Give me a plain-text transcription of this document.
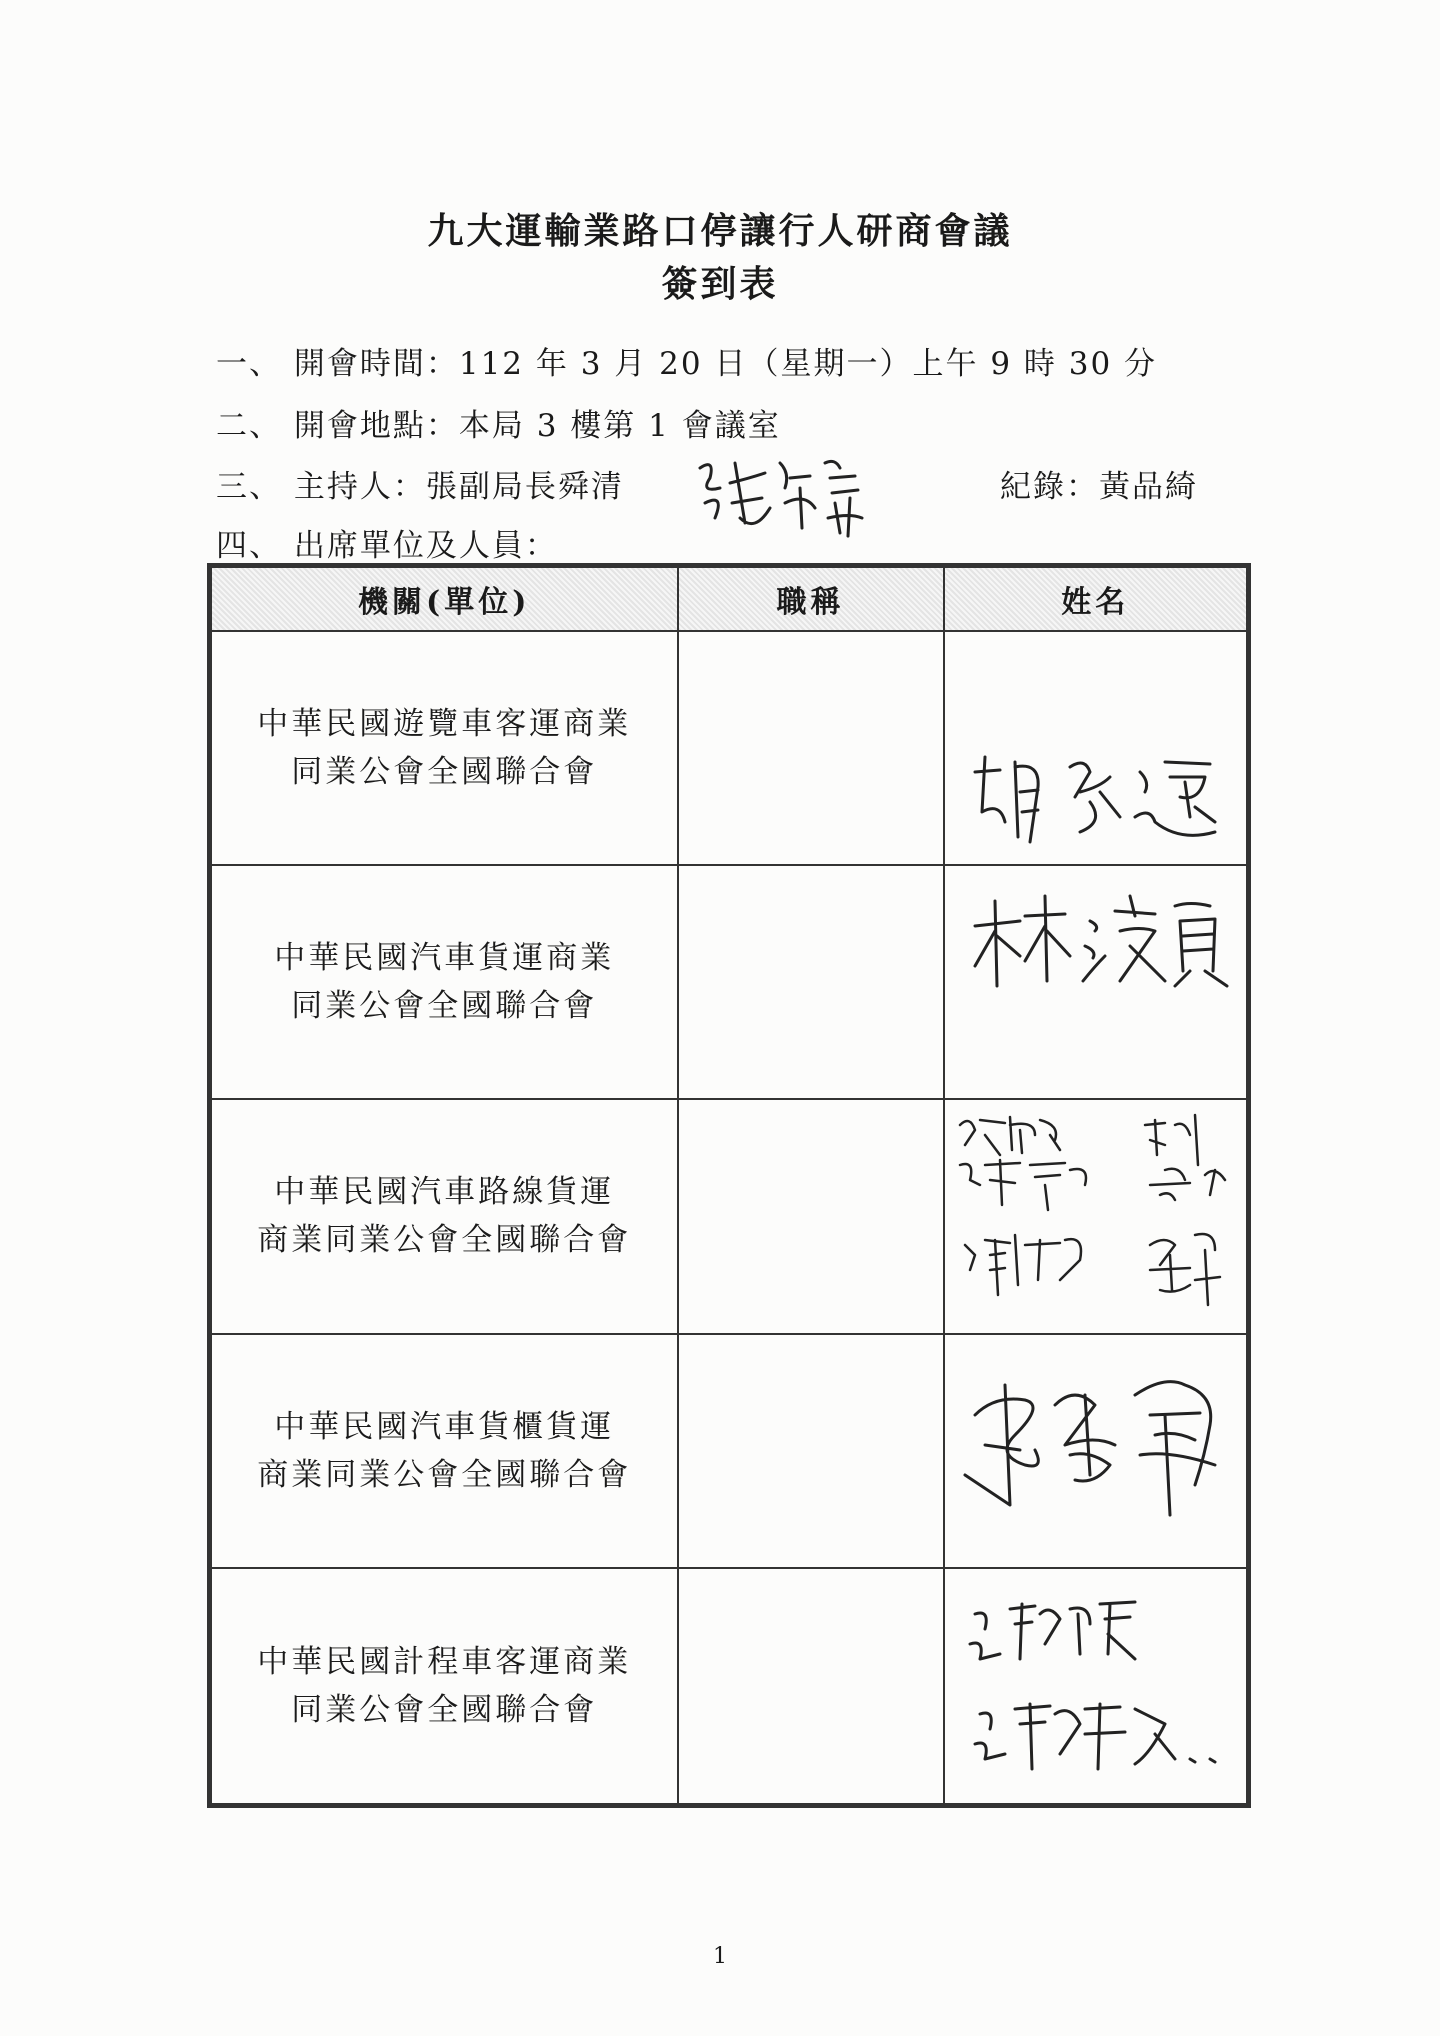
九大運輸業路口停讓行人研商會議
簽到表
一、 開會時間：112 年 3 月 20 日（星期一）上午 9 時 30 分
二、 開會地點：本局 3 樓第 1 會議室
三、 主持人：張副局長舜清	紀錄：黃品綺
四、 出席單位及人員：
機關(單位)	職稱	姓名

中華民國遊覽車客運商業
同業公會全國聯合會

中華民國汽車貨運商業
同業公會全國聯合會

中華民國汽車路線貨運
商業同業公會全國聯合會

中華民國汽車貨櫃貨運
商業同業公會全國聯合會

中華民國計程車客運商業
同業公會全國聯合會

1
